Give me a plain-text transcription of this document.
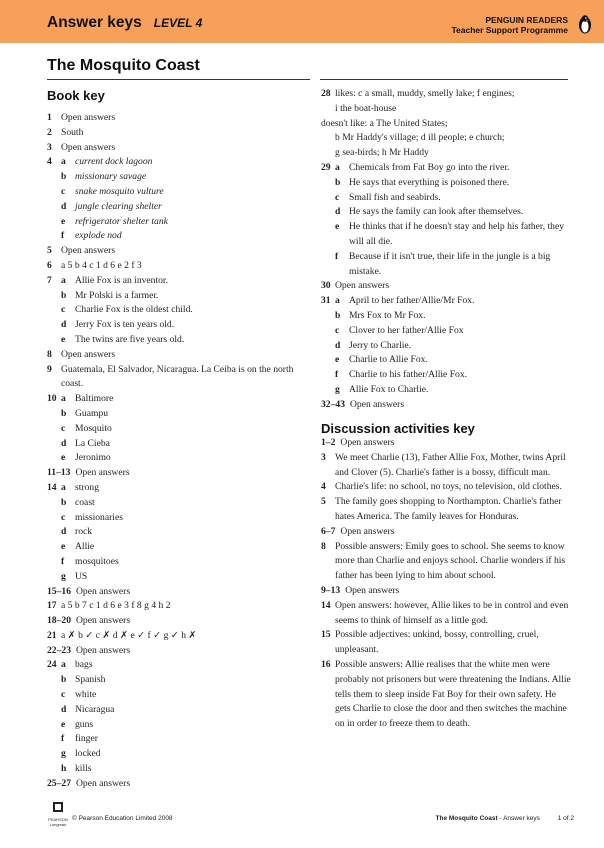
Answer keys LEVEL 4	PENGUIN READERS
Teacher Support Programme
The Mosquito Coast
Book key
1 Open answers
2 South
3 Open answers
4 a current dock lagoon
b missionary savage
c	snake mosquito vulture
d jungle clearing shelter
e	refrigerator shelter tank
f	explode nod
5 Open answers
6 a 5 b 4 c 1 d 6 e 2 f 3
7 a Allie Fox is an inventor.
b Mr Polski is a farmer.
c	Charlie Fox is the oldest child.
d Jerry Fox is ten years old.
e	The twins are five years old.
8 Open answers
9 Guatemala, El Salvador, Nicaragua. La Ceiba is on the north coast.
10 a Baltimore
b Guampu
c	Mosquito
d La Cieba
e	Jeronimo
11–13 Open answers
14 a strong
b coast
c	missionaries
d rock
e	Allie
f	mosquitoes
g US
15–16 Open answers
17 a 5 b 7 c 1 d 6 e 3 f 8 g 4 h 2
18–20 Open answers
21 a ✗ b ✓ c ✗ d ✗ e ✓ f ✓ g ✓ h ✗
22–23 Open answers
24 a bags
b Spanish
c	white
d Nicaragua
e	guns
f	finger
g locked
h kills
25–27 Open answers
28 likes: c a small, muddy, smelly lake; f engines;
i the boat-house
doesn't like: a The United States;
b Mr Haddy's village; d ill people; e church;
g sea-birds; h Mr Haddy
29 a Chemicals from Fat Boy go into the river.
b He says that everything is poisoned there.
c	Small fish and seabirds.
d He says the family can look after themselves.
e	He thinks that if he doesn't stay and help his father, they will all die.
f	Because if it isn't true, their life in the jungle is a big mistake.
30 Open answers
31 a April to her father/Allie/Mr Fox.
b Mrs Fox to Mr Fox.
c	Clover to her father/Allie Fox
d Jerry to Charlie.
e	Charlie to Allie Fox.
f	Charlie to his father/Allie Fox.
g Allie Fox to Charlie.
32–43 Open answers
Discussion activities key
1–2 Open answers
3 We meet Charlie (13), Father Allie Fox, Mother, twins April and Clover (5). Charlie's father is a bossy, difficult man.
4 Charlie's life: no school, no toys, no television, old clothes.
5 The family goes shopping to Northampton. Charlie's father hates America. The family leaves for Honduras.
6–7 Open answers
8 Possible answers: Emily goes to school. She seems to know more than Charlie and enjoys school. Charlie wonders if his father has been lying to him about school.
9–13 Open answers
14 Open answers: however, Allie likes to be in control and even seems to think of himself as a little god.
15 Possible adjectives: unkind, bossy, controlling, cruel, unpleasant.
16 Possible answers: Allie realises that the white men were probably not prisoners but were threatening the Indians. Allie tells them to sleep inside Fat Boy for their own safety. He gets Charlie to close the door and then switches the machine on in order to freeze them to death.
PEARSON
Longman
© Pearson Education Limited 2008	The Mosquito Coast - Answer keys	1 of 2
